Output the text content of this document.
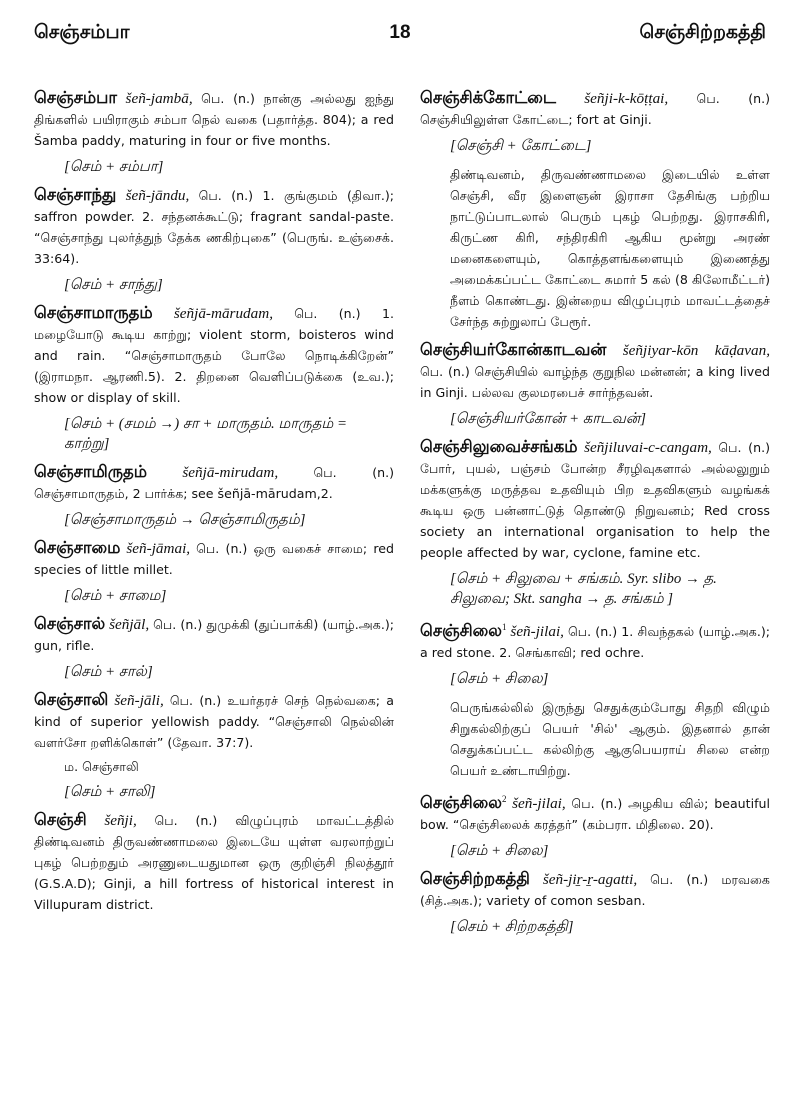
செஞ்சம்பா	18	செஞ்சிற்றகத்தி
செஞ்சம்பா šeñ-jambā, பெ. (n.) நான்கு அல்லது ஐந்து திங்களில் பயிராகும் சம்பா நெல் வகை (பதார்த்த. 804); a red Šamba paddy, maturing in four or five months.
[செம் + சம்பா]
செஞ்சாந்து šeñ-jāndu, பெ. (n.) 1. குங்குமம் (திவா.); saffron powder. 2. சந்தனக்கூட்டு; fragrant sandal-paste. “செஞ்சாந்து புலர்த்துந் தேக்க ணகிற்புகை” (பெருங். உஞ்சைக். 33:64).
[செம் + சாந்து]
செஞ்சாமாருதம் šeñjā-mārudam, பெ. (n.) 1. மழையோடு கூடிய காற்று; violent storm, boisteros wind and rain. “செஞ்சாமாருதம் போலே நொடிக்கிறேன்” (இராமநா. ஆரணி.5). 2. திறனை வெளிப்படுக்கை (உவ.); show or display of skill.
[செம் + (சமம் →) சா + மாருதம். மாருதம் = காற்று]
செஞ்சாமிருதம் šeñjā-mirudam,	பெ. (n.) செஞ்சாமாருதம், 2 பார்க்க; see šeñjā-mārudam,2.
[செஞ்சாமாருதம் → செஞ்சாமிருதம்]
செஞ்சாமை šeñ-jāmai, பெ. (n.) ஒரு வகைச் சாமை; red species of little millet.
[செம் + சாமை]
செஞ்சால் šeñjāl, பெ. (n.) துமுக்கி (துப்பாக்கி) (யாழ்.அக.); gun, rifle.
[செம் + சால்]
செஞ்சாலி šeñ-jāli, பெ. (n.) உயர்தரச் செந் நெல்வகை; a kind of superior yellowish paddy. “செஞ்சாலி நெல்லின் வளர்சோ றளிக்கொள்” (தேவா. 37:7).
ம. செஞ்சாலி
[செம் + சாலி]
செஞ்சி šeñji, பெ. (n.) விழுப்புரம் மாவட்டத்தில் திண்டிவனம் திருவண்ணாமலை இடையே யுள்ள வரலாற்றுப் புகழ் பெற்றதும் அரணுடையதுமான ஒரு குறிஞ்சி நிலத்தூர் (G.S.A.D); Ginji, a hill fortress of historical interest in Villupuram district.
செஞ்சிக்கோட்டை šeñji-k-kōṭṭai, பெ. (n.) செஞ்சியிலுள்ள கோட்டை; fort at Ginji.
[செஞ்சி + கோட்டை]
திண்டிவனம், திருவண்ணாமலை இடையில் உள்ள செஞ்சி, வீர இளைஞன் இராசா தேசிங்கு பற்றிய நாட்டுப்பாடலால் பெரும் புகழ் பெற்றது. இராசகிரி, கிருட்ண கிரி, சந்திரகிரி ஆகிய மூன்று அரண் மனைகளையும், கொத்தளங்களையும் இணைத்து அமைக்கப்பட்ட கோட்டை சுமார் 5 கல் (8 கிலோமீட்டர்) நீளம் கொண்டது. இன்றைய விழுப்புரம் மாவட்டத்தைச் சேர்ந்த சுற்றுலாப் பேரூர்.
செஞ்சியர்கோன்காடவன் šeñjiyar-kōn kāḍavan, பெ. (n.) செஞ்சியில் வாழ்ந்த குறுநில மன்னன்; a king lived in Ginji. பல்லவ குலமரபைச் சார்ந்தவன்.
[செஞ்சியர்கோன் + காடவன்]
செஞ்சிலுவைச்சங்கம் šeñjiluvai-c-cangam, பெ. (n.) போர், புயல், பஞ்சம் போன்ற சீரழிவுகளால் அல்லலுறும் மக்களுக்கு மருத்தவ உதவியும் பிற உதவிகளும் வழங்கக் கூடிய ஒரு பன்னாட்டுத் தொண்டு நிறுவனம்; Red cross society an international organisation to help the people affected by war, cyclone, famine etc.
[செம் + சிலுவை + சங்கம். Syr. slibo → த. சிலுவை; Skt. sangha → த. சங்கம் ]
செஞ்சிலை$^1$ šeñ-jilai, பெ. (n.) 1. சிவந்தகல் (யாழ்.அக.); a red stone. 2. செங்காவி; red ochre.
[செம் + சிலை]
பெருங்கல்லில் இருந்து செதுக்கும்போது சிதறி விழும் சிறுகல்லிற்குப் பெயர் 'சில்' ஆகும். இதனால் தான் செதுக்கப்பட்ட கல்லிற்கு ஆகுபெயராய் சிலை என்ற பெயர் உண்டாயிற்று.
செஞ்சிலை$^2$ šeñ-jilai, பெ. (n.) அழகிய வில்; beautiful bow. “செஞ்சிலைக் கரத்தர்” (கம்பரா. மிதிலை. 20).
[செம் + சிலை]
செஞ்சிற்றகத்தி šeñ-jir̠-r̠-agatti, பெ. (n.) மரவகை (சித்.அக.); variety of comon sesban.
[செம் + சிற்றகத்தி]
